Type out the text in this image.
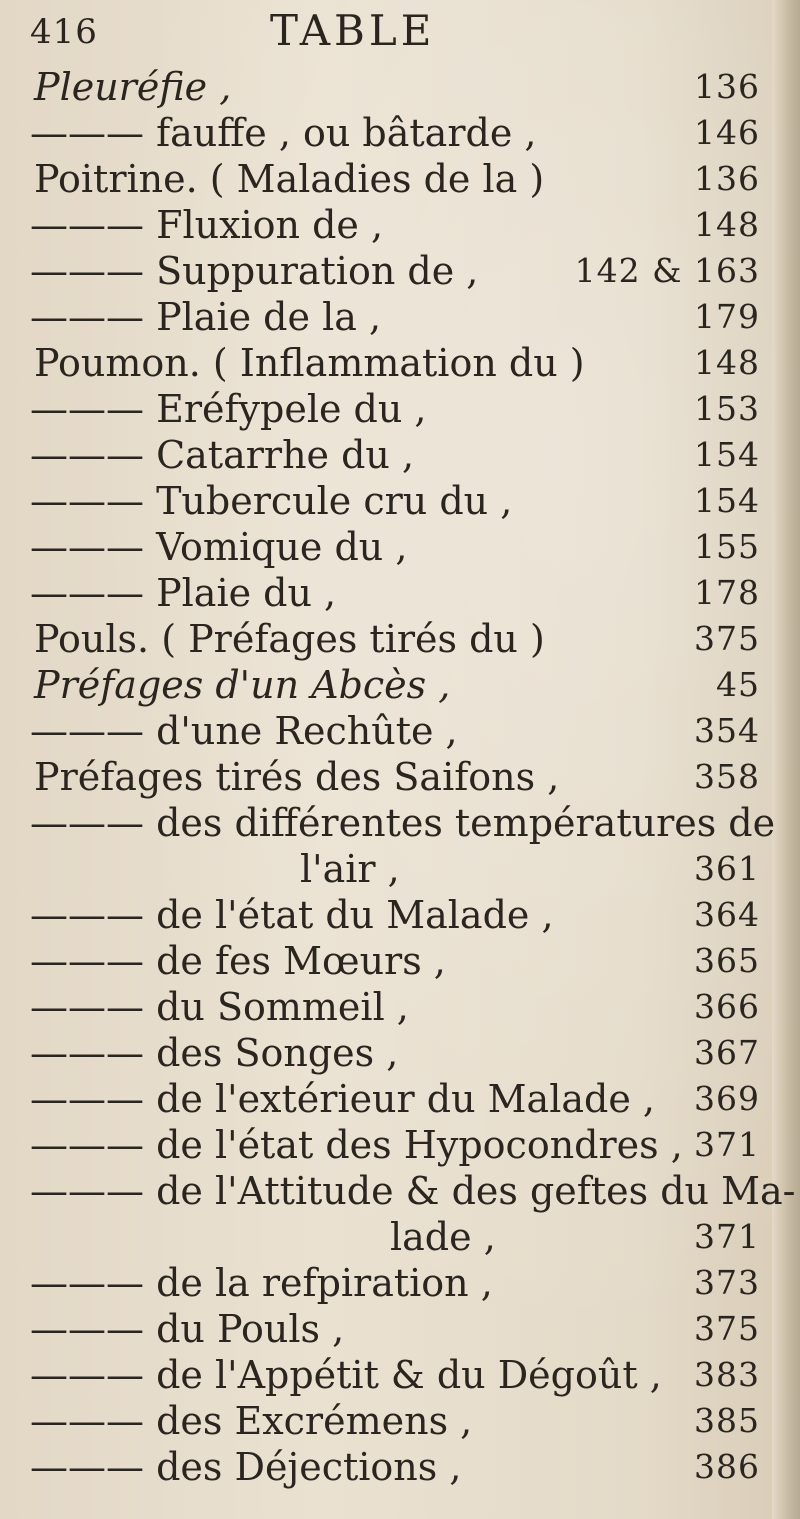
416	TABLE
Pleuréfie ,	136
——— fauffe , ou bâtarde ,	146
Poitrine. ( Maladies de la )	136
——— Fluxion de ,	148
——— Suppuration de ,	142 & 163
——— Plaie de la ,	179
Poumon. ( Inflammation du )	148
——— Eréfypele du ,	153
——— Catarrhe du ,	154
——— Tubercule cru du ,	154
——— Vomique du ,	155
——— Plaie du ,	178
Pouls. ( Préfages tirés du )	375
Préfages d'un Abcès ,	45
——— d'une Rechûte ,	354
Préfages tirés des Saifons ,	358
——— des différentes températures de
l'air ,	361
——— de l'état du Malade ,	364
——— de fes Mœurs ,	365
——— du Sommeil ,	366
——— des Songes ,	367
——— de l'extérieur du Malade , 369
——— de l'état des Hypocondres , 371
——— de l'Attitude & des geftes du Ma-
lade ,	371
——— de la refpiration ,	373
——— du Pouls ,	375
——— de l'Appétit & du Dégoût , 383
——— des Excrémens ,	385
——— des Déjections ,	386
